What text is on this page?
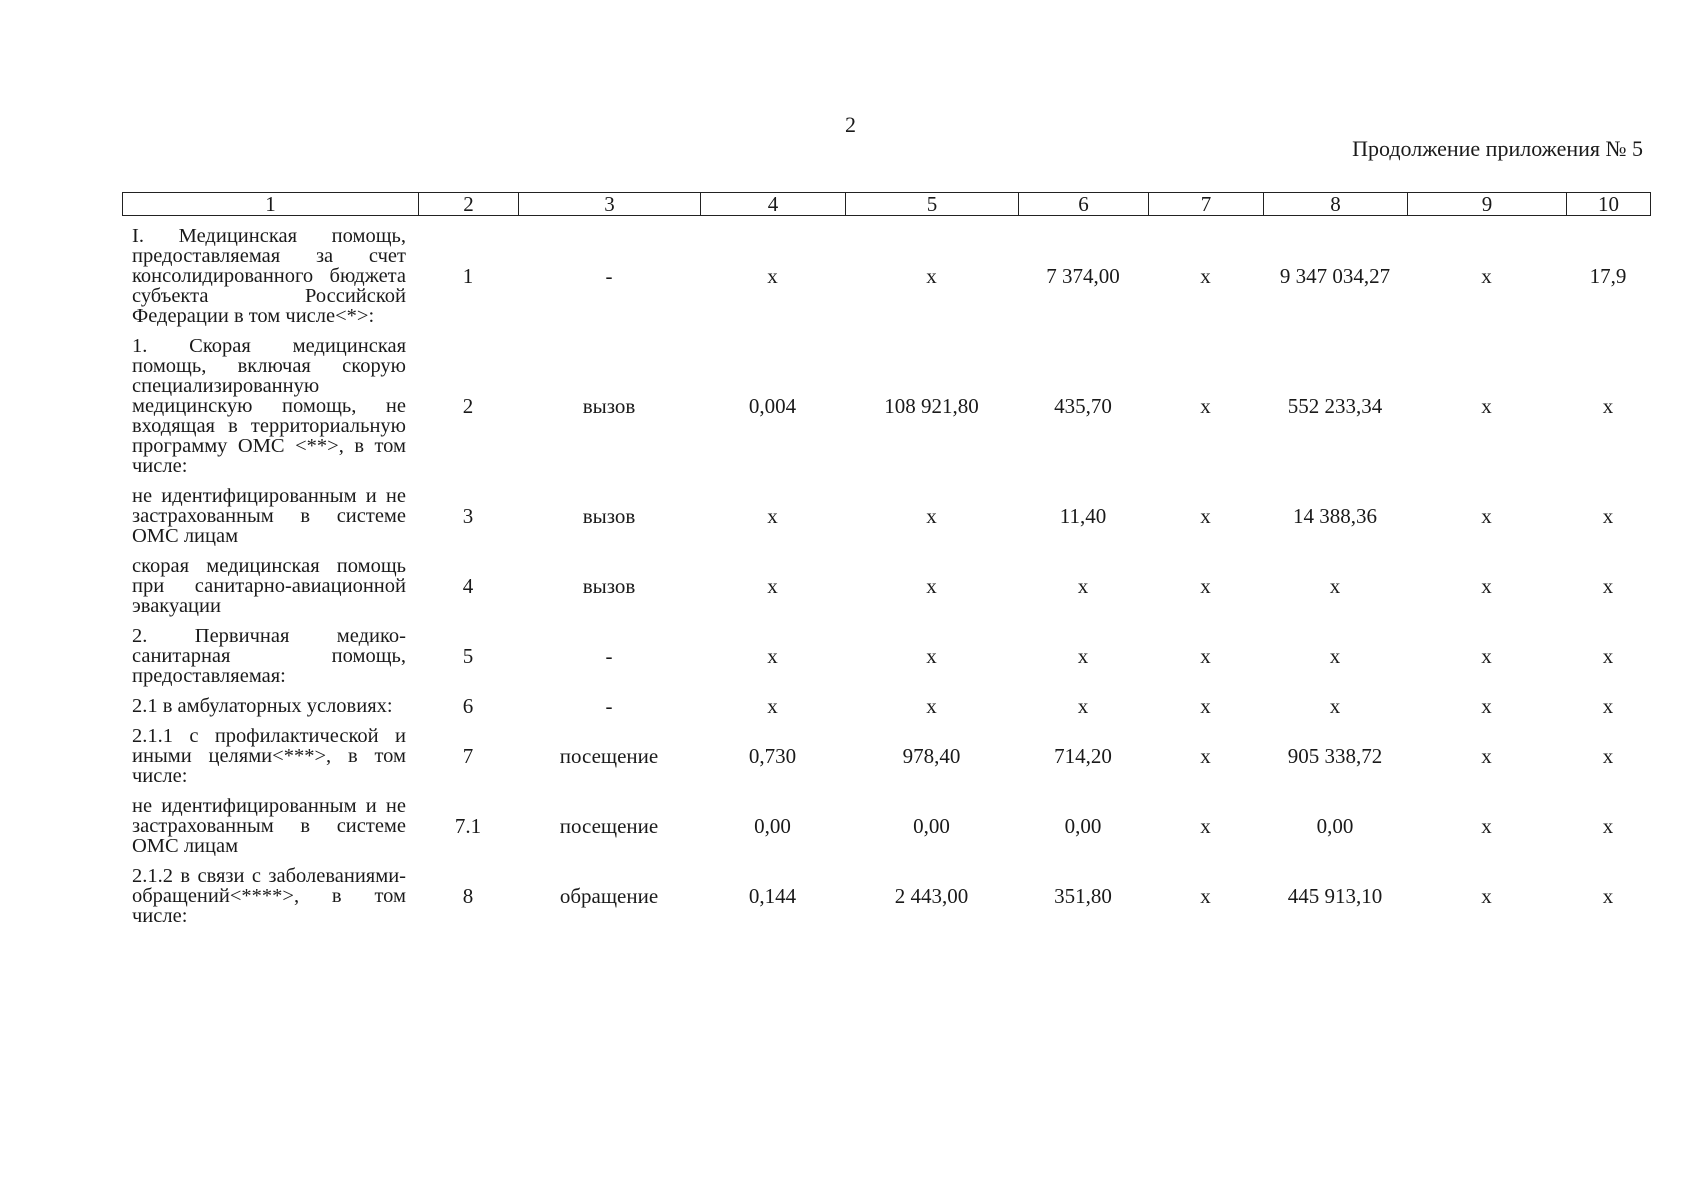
2
Продолжение приложения № 5
1	2	3	4	5	6	7	8	9	10
I. Медицинская помощь, предоставляемая за счет консолидированного бюджета субъекта Российской Федерации в том числе<*>:	1	-	х	х	7 374,00	х	9 347 034,27	х	17,9
1. Скорая медицинская помощь, включая скорую специализированную медицинскую помощь, не входящая в территориальную программу ОМС <**>, в том числе:	2	вызов	0,004	108 921,80	435,70	х	552 233,34	х	х
не идентифицированным и не застрахованным в системе ОМС лицам	3	вызов	х	х	11,40	х	14 388,36	х	х
скорая медицинская помощь при санитарно-авиационной эвакуации	4	вызов	х	х	х	х	х	х	х
2. Первичная медико-санитарная помощь, предоставляемая:	5	-	х	х	х	х	х	х	х
2.1 в амбулаторных условиях:	6	-	х	х	х	х	х	х	х
2.1.1 с профилактической и иными целями<***>, в том числе:	7	посещение	0,730	978,40	714,20	х	905 338,72	х	х
не идентифицированным и не застрахованным в системе ОМС лицам	7.1	посещение	0,00	0,00	0,00	х	0,00	х	х
2.1.2 в связи с заболеваниями-обращений<****>, в том числе:	8	обращение	0,144	2 443,00	351,80	х	445 913,10	х	х
